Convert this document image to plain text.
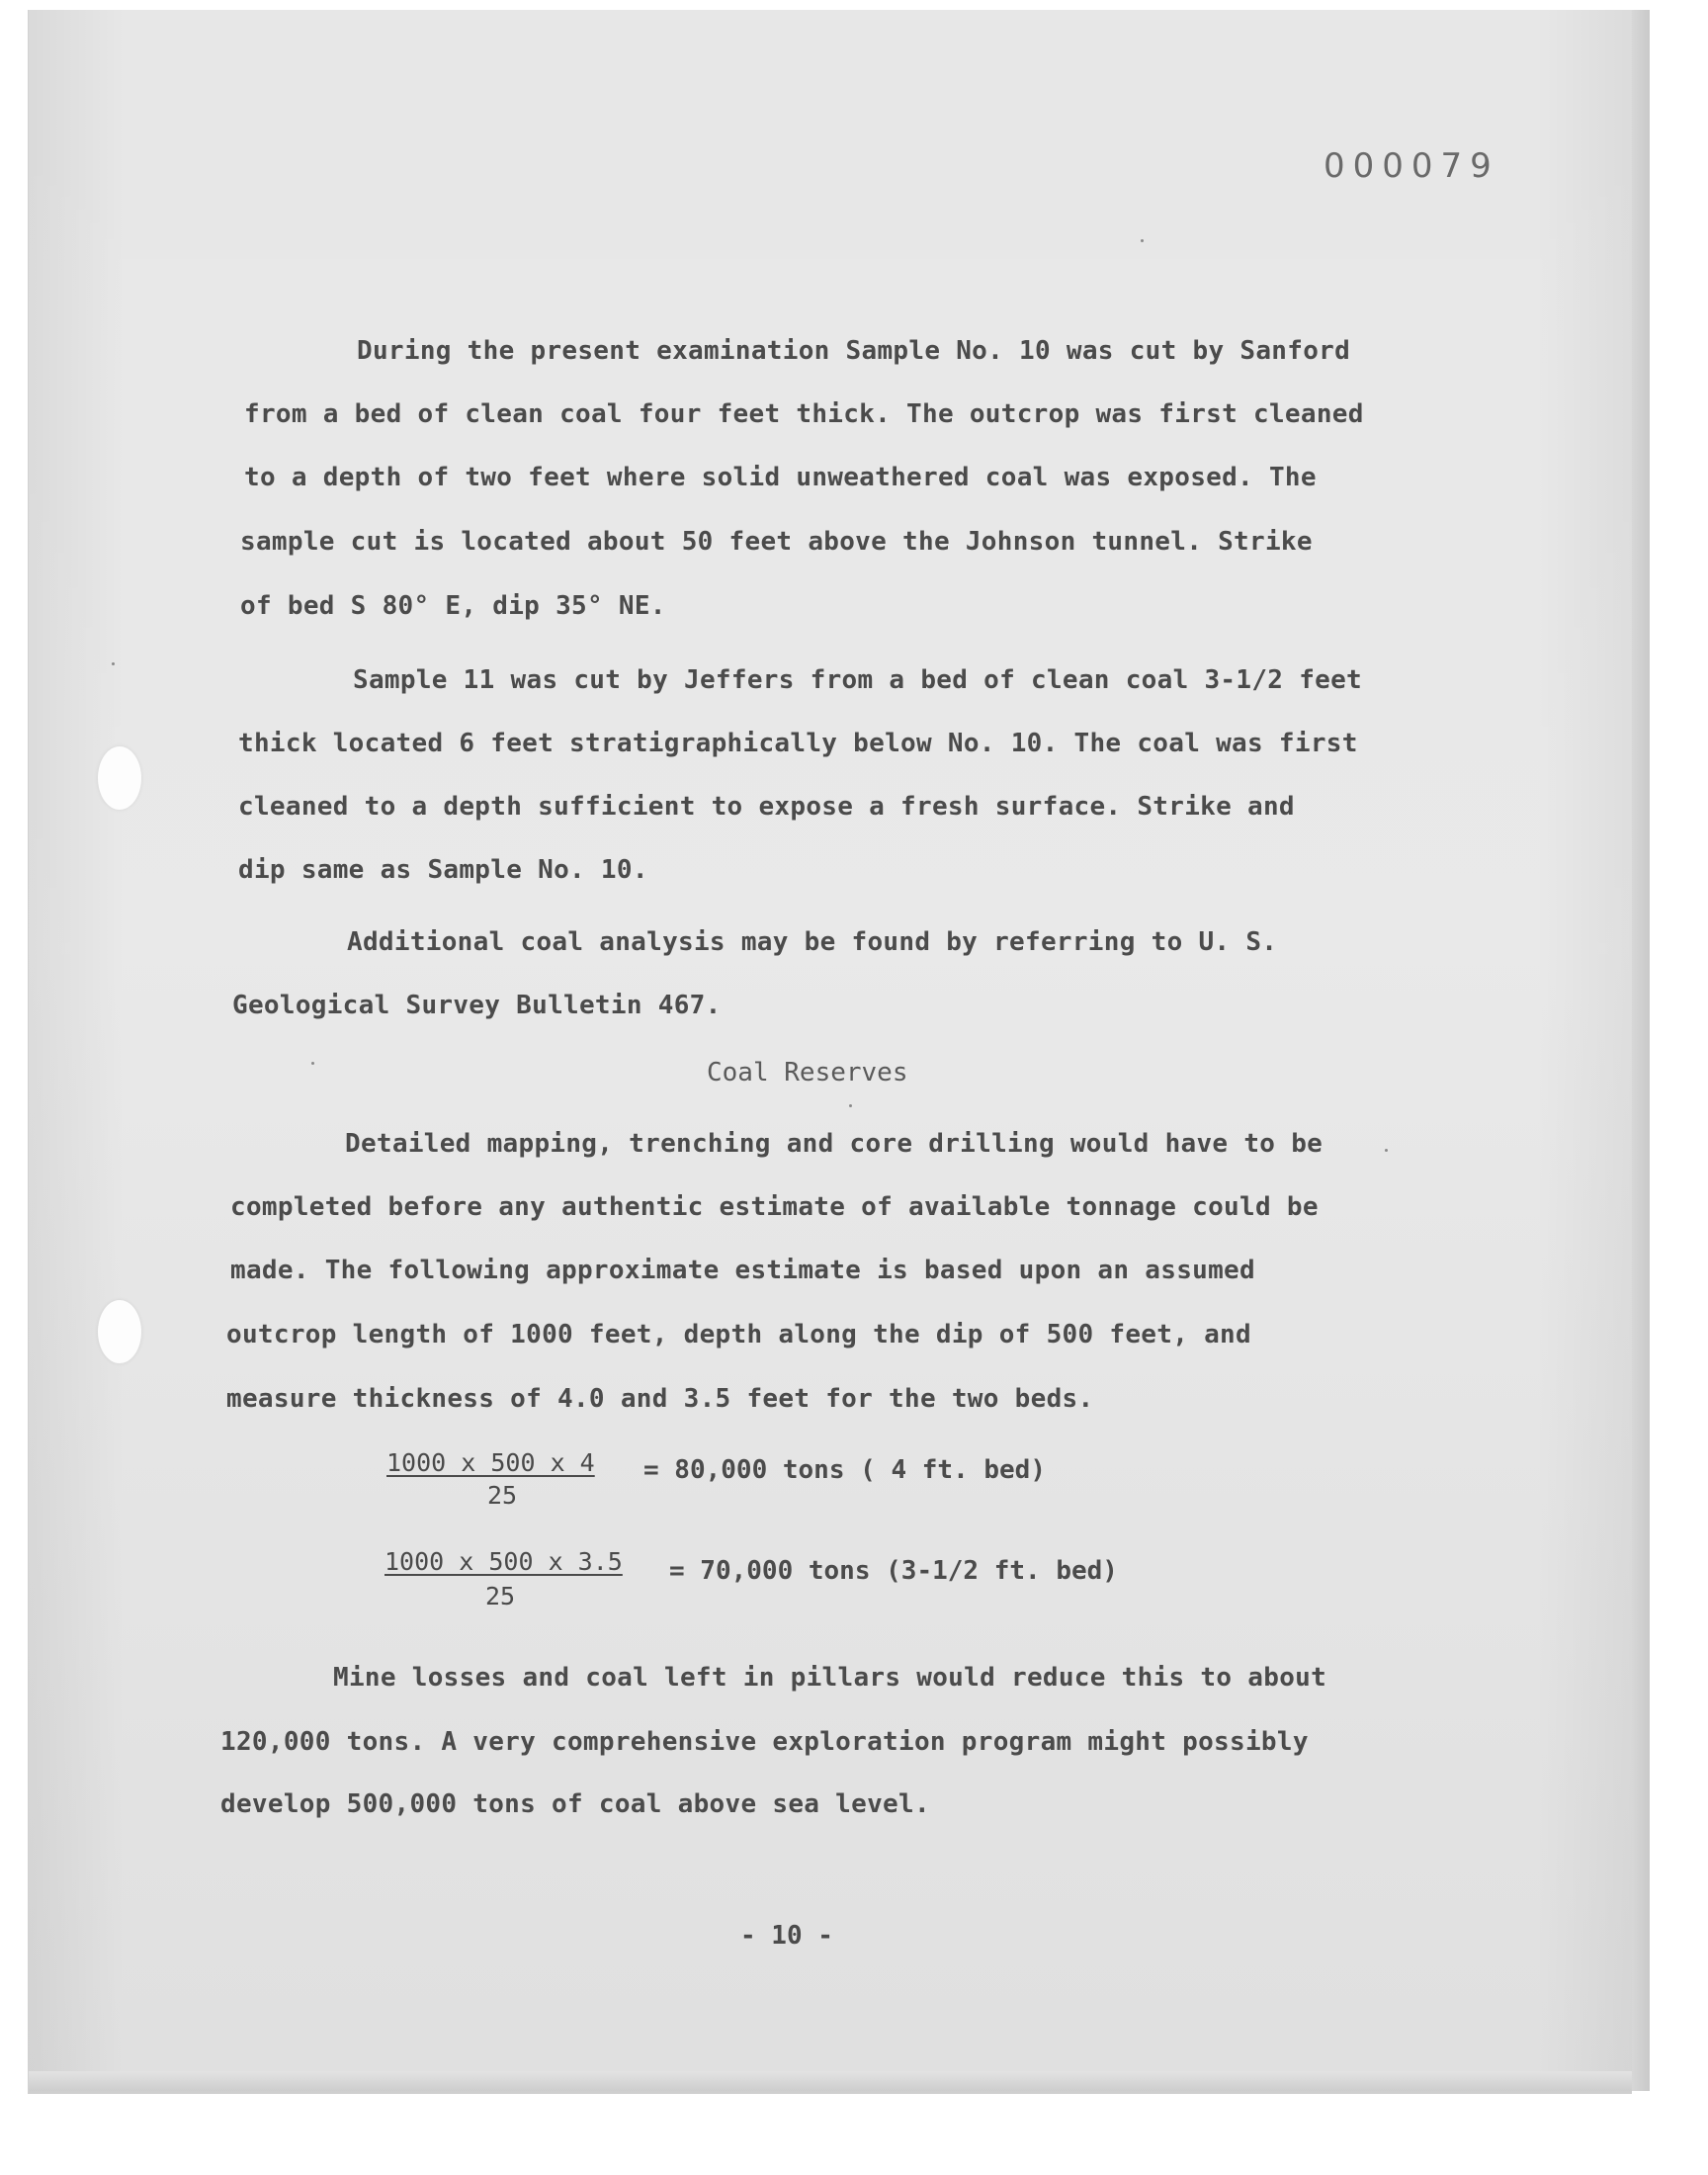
000079
During the present examination Sample No. 10 was cut by Sanford
from a bed of clean coal four feet thick. The outcrop was first cleaned
to a depth of two feet where solid unweathered coal was exposed. The
sample cut is located about 50 feet above the Johnson tunnel. Strike
of bed S 80° E, dip 35° NE.
Sample 11 was cut by Jeffers from a bed of clean coal 3-1/2 feet
thick located 6 feet stratigraphically below No. 10. The coal was first
cleaned to a depth sufficient to expose a fresh surface. Strike and
dip same as Sample No. 10.
Additional coal analysis may be found by referring to U. S.
Geological Survey Bulletin 467.
Coal Reserves
Detailed mapping, trenching and core drilling would have to be
completed before any authentic estimate of available tonnage could be
made. The following approximate estimate is based upon an assumed
outcrop length of 1000 feet, depth along the dip of 500 feet, and
measure thickness of 4.0 and 3.5 feet for the two beds.
1000 x 500 x 4
25
= 80,000 tons ( 4 ft. bed)
1000 x 500 x 3.5
25
= 70,000 tons (3-1/2 ft. bed)
Mine losses and coal left in pillars would reduce this to about
120,000 tons. A very comprehensive exploration program might possibly
develop 500,000 tons of coal above sea level.
- 10 -
